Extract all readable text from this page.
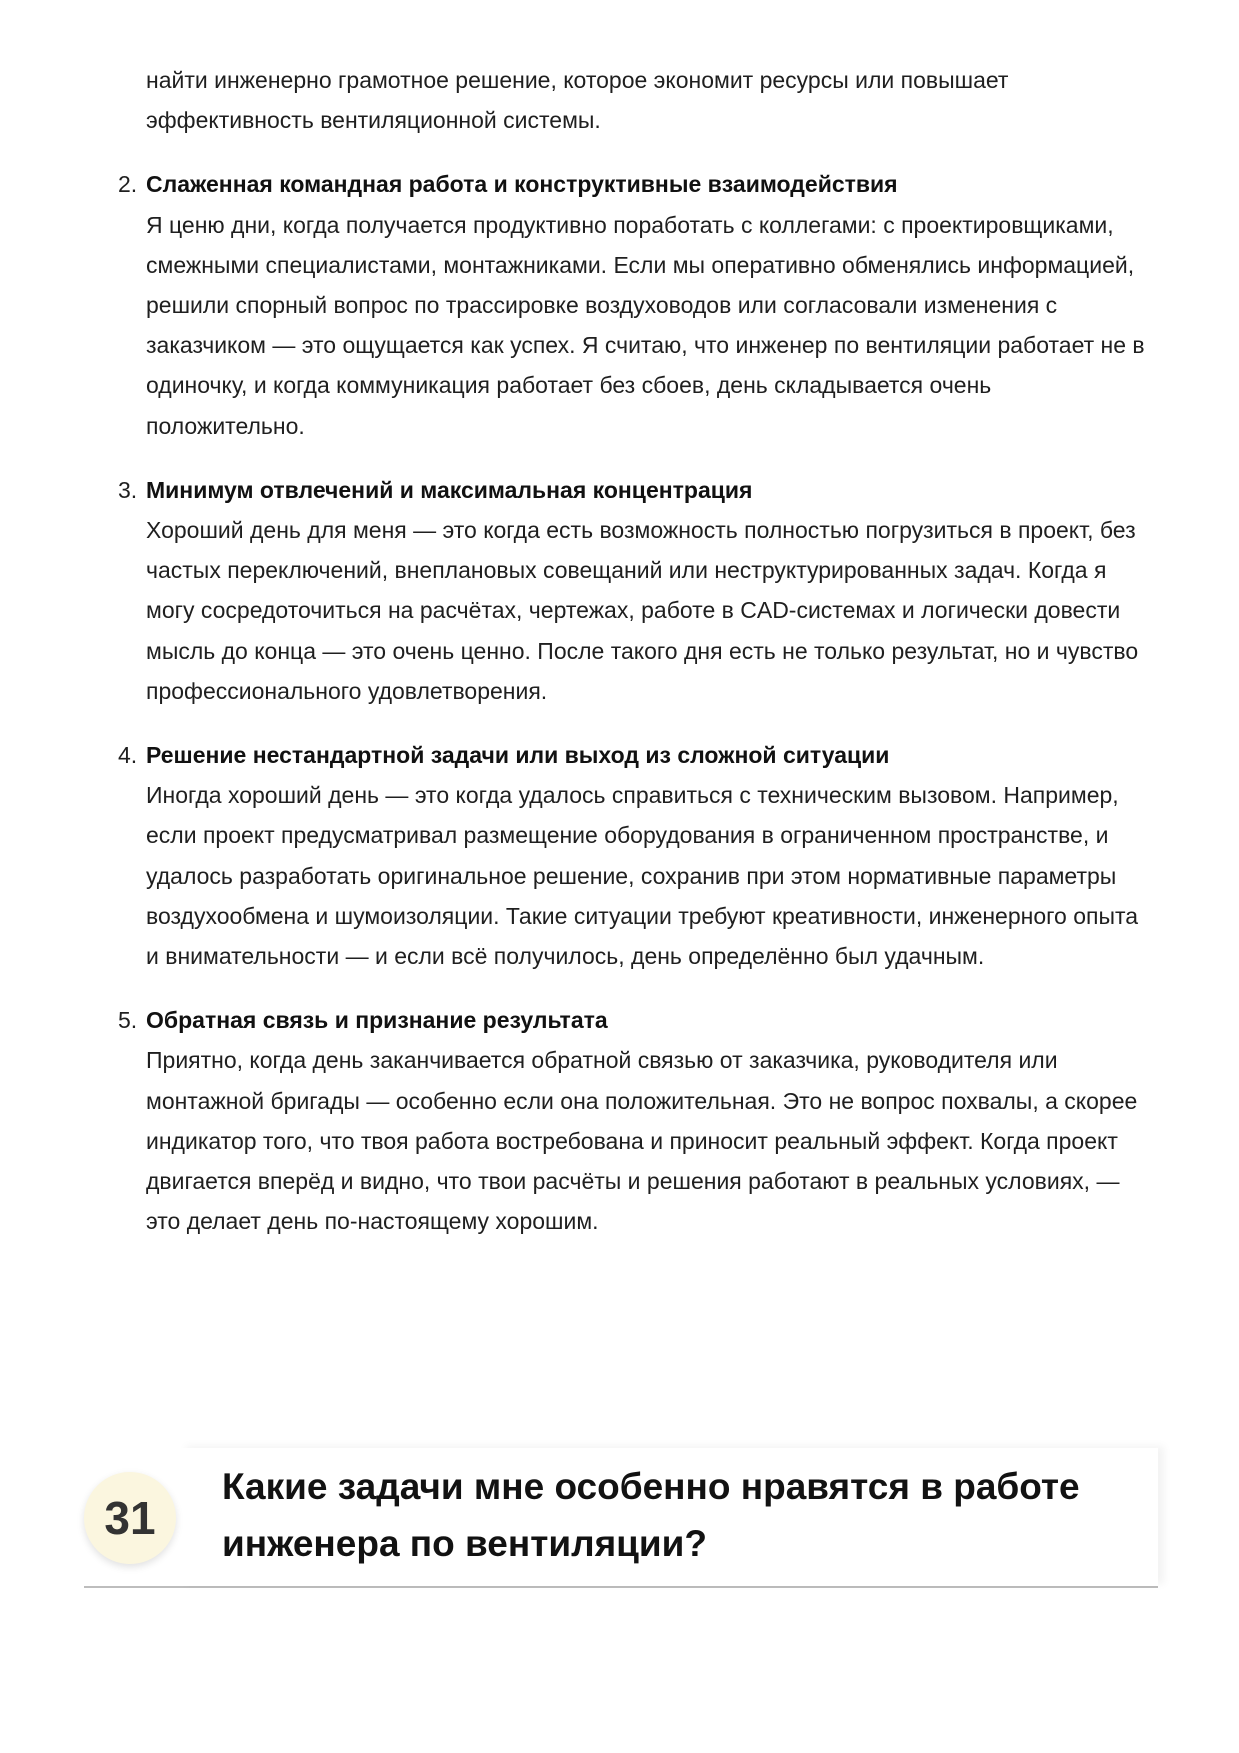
найти инженерно грамотное решение, которое экономит ресурсы или повышает эффективность вентиляционной системы.

2. Слаженная командная работа и конструктивные взаимодействия

Я ценю дни, когда получается продуктивно поработать с коллегами: с проектировщиками, смежными специалистами, монтажниками. Если мы оперативно обменялись информацией, решили спорный вопрос по трассировке воздуховодов или согласовали изменения с заказчиком — это ощущается как успех. Я считаю, что инженер по вентиляции работает не в одиночку, и когда коммуникация работает без сбоев, день складывается очень положительно.

3. Минимум отвлечений и максимальная концентрация

Хороший день для меня — это когда есть возможность полностью погрузиться в проект, без частых переключений, внеплановых совещаний или неструктурированных задач. Когда я могу сосредоточиться на расчётах, чертежах, работе в CAD-системах и логически довести мысль до конца — это очень ценно. После такого дня есть не только результат, но и чувство профессионального удовлетворения.

4. Решение нестандартной задачи или выход из сложной ситуации

Иногда хороший день — это когда удалось справиться с техническим вызовом. Например, если проект предусматривал размещение оборудования в ограниченном пространстве, и удалось разработать оригинальное решение, сохранив при этом нормативные параметры воздухообмена и шумоизоляции. Такие ситуации требуют креативности, инженерного опыта и внимательности — и если всё получилось, день определённо был удачным.

5. Обратная связь и признание результата

Приятно, когда день заканчивается обратной связью от заказчика, руководителя или монтажной бригады — особенно если она положительная. Это не вопрос похвалы, а скорее индикатор того, что твоя работа востребована и приносит реальный эффект. Когда проект двигается вперёд и видно, что твои расчёты и решения работают в реальных условиях, — это делает день по-настоящему хорошим.

31
Какие задачи мне особенно нравятся в работе инженера по вентиляции?
